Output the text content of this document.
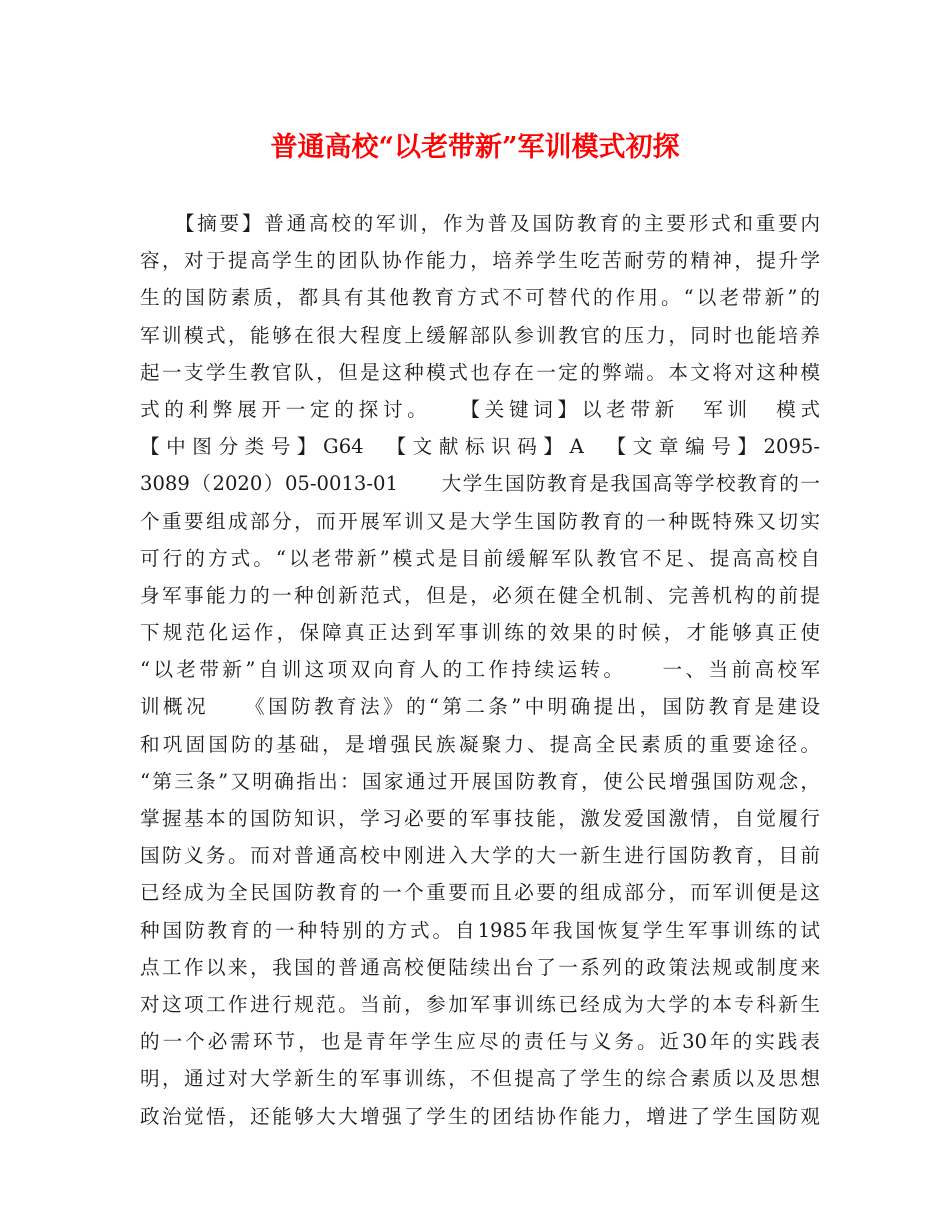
普通高校“以老带新”军训模式初探
　　【摘要】普通高校的军训，作为普及国防教育的主要形式和重要内
容，对于提高学生的团队协作能力，培养学生吃苦耐劳的精神，提升学
生的国防素质，都具有其他教育方式不可替代的作用。“以老带新”的
军训模式，能够在很大程度上缓解部队参训教官的压力，同时也能培养
起一支学生教官队，但是这种模式也存在一定的弊端。本文将对这种模
式的利弊展开一定的探讨。　　【关键词】以老带新　军训　模式
【中图分类号】G64　【文献标识码】A　【文章编号】2095-
3089（2020）05-0013-01　　大学生国防教育是我国高等学校教育的一
个重要组成部分，而开展军训又是大学生国防教育的一种既特殊又切实
可行的方式。“以老带新”模式是目前缓解军队教官不足、提高高校自
身军事能力的一种创新范式，但是，必须在健全机制、完善机构的前提
下规范化运作，保障真正达到军事训练的效果的时候，才能够真正使
“以老带新”自训这项双向育人的工作持续运转。　　一、当前高校军
训概况　　《国防教育法》的“第二条”中明确提出，国防教育是建设
和巩固国防的基础，是增强民族凝聚力、提高全民素质的重要途径。
“第三条”又明确指出：国家通过开展国防教育，使公民增强国防观念，
掌握基本的国防知识，学习必要的军事技能，激发爱国激情，自觉履行
国防义务。而对普通高校中刚进入大学的大一新生进行国防教育，目前
已经成为全民国防教育的一个重要而且必要的组成部分，而军训便是这
种国防教育的一种特别的方式。自1985年我国恢复学生军事训练的试
点工作以来，我国的普通高校便陆续出台了一系列的政策法规或制度来
对这项工作进行规范。当前，参加军事训练已经成为大学的本专科新生
的一个必需环节，也是青年学生应尽的责任与义务。近30年的实践表
明，通过对大学新生的军事训练，不但提高了学生的综合素质以及思想
政治觉悟，还能够大大增强了学生的团结协作能力，增进了学生国防观
